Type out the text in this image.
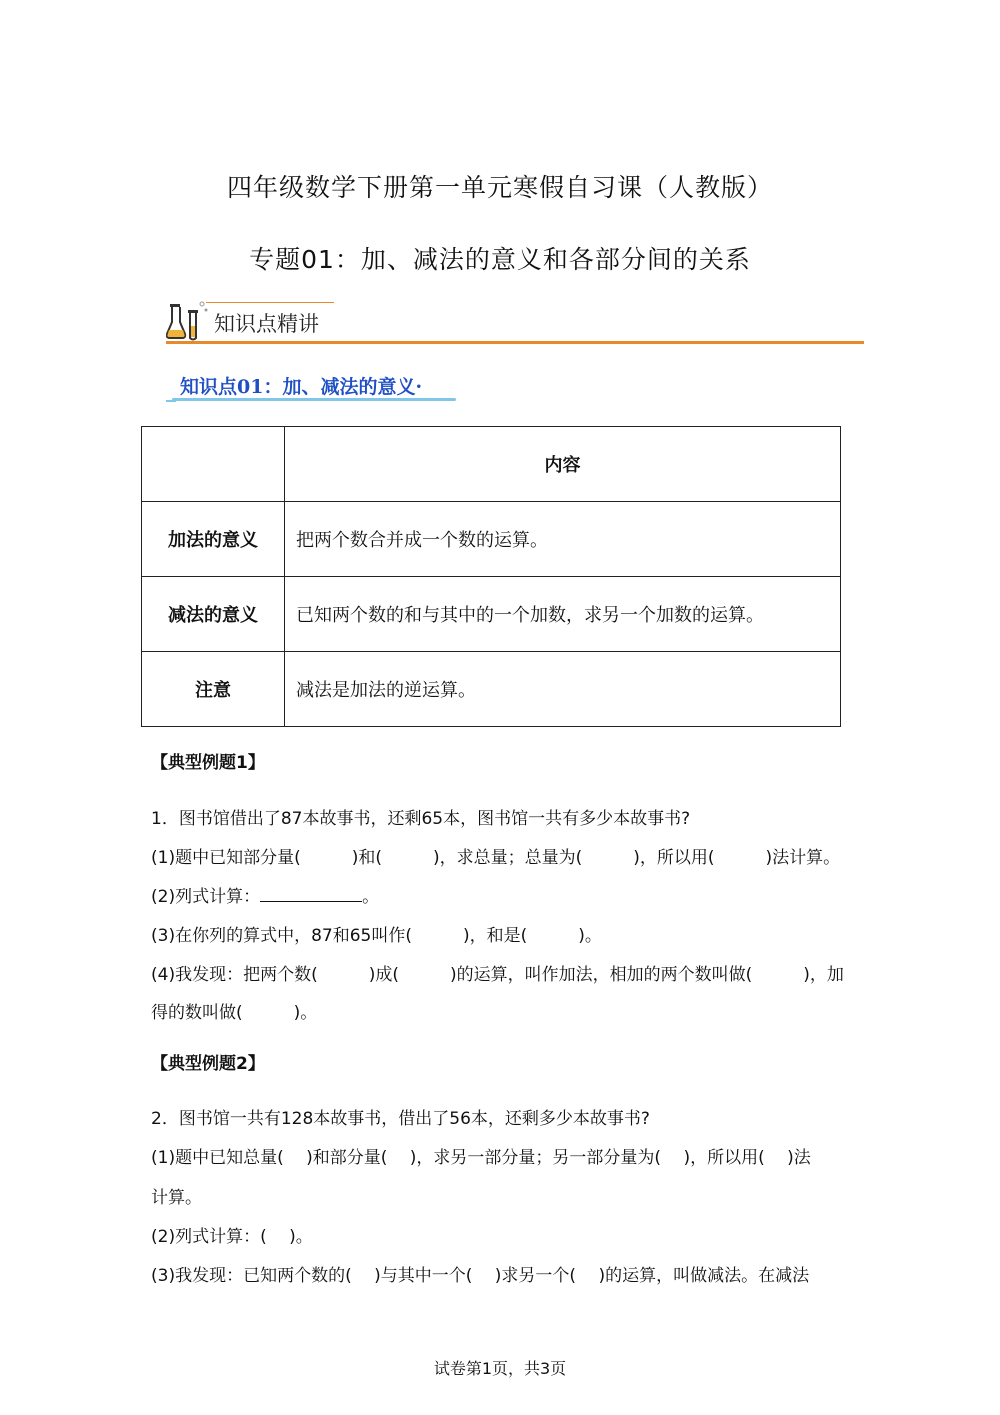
四年级数学下册第一单元寒假自习课（人教版）
专题01：加、减法的意义和各部分间的关系
知识点精讲
知识点01：加、减法的意义·
	内容
加法的意义	把两个数合并成一个数的运算。
减法的意义	已知两个数的和与其中的一个加数，求另一个加数的运算。
注意	减法是加法的逆运算。
【典型例题1】
1．图书馆借出了87本故事书，还剩65本，图书馆一共有多少本故事书?
(1)题中已知部分量(　　　)和(　　　)，求总量；总量为(　　　)，所以用(　　　)法计算。
(2)列式计算：	。
(3)在你列的算式中，87和65叫作(　　　)，和是(　　　)。
(4)我发现：把两个数(　　　)成(　　　)的运算，叫作加法，相加的两个数叫做(　　　)，加
得的数叫做(　　　)。
【典型例题2】
2．图书馆一共有128本故事书，借出了56本，还剩多少本故事书?
(1)题中已知总量(　 )和部分量(　 )，求另一部分量；另一部分量为(　 )，所以用(　 )法
计算。
(2)列式计算：(　 )。
(3)我发现：已知两个数的(　 )与其中一个(　 )求另一个(　 )的运算，叫做减法。在减法
试卷第1页，共3页
